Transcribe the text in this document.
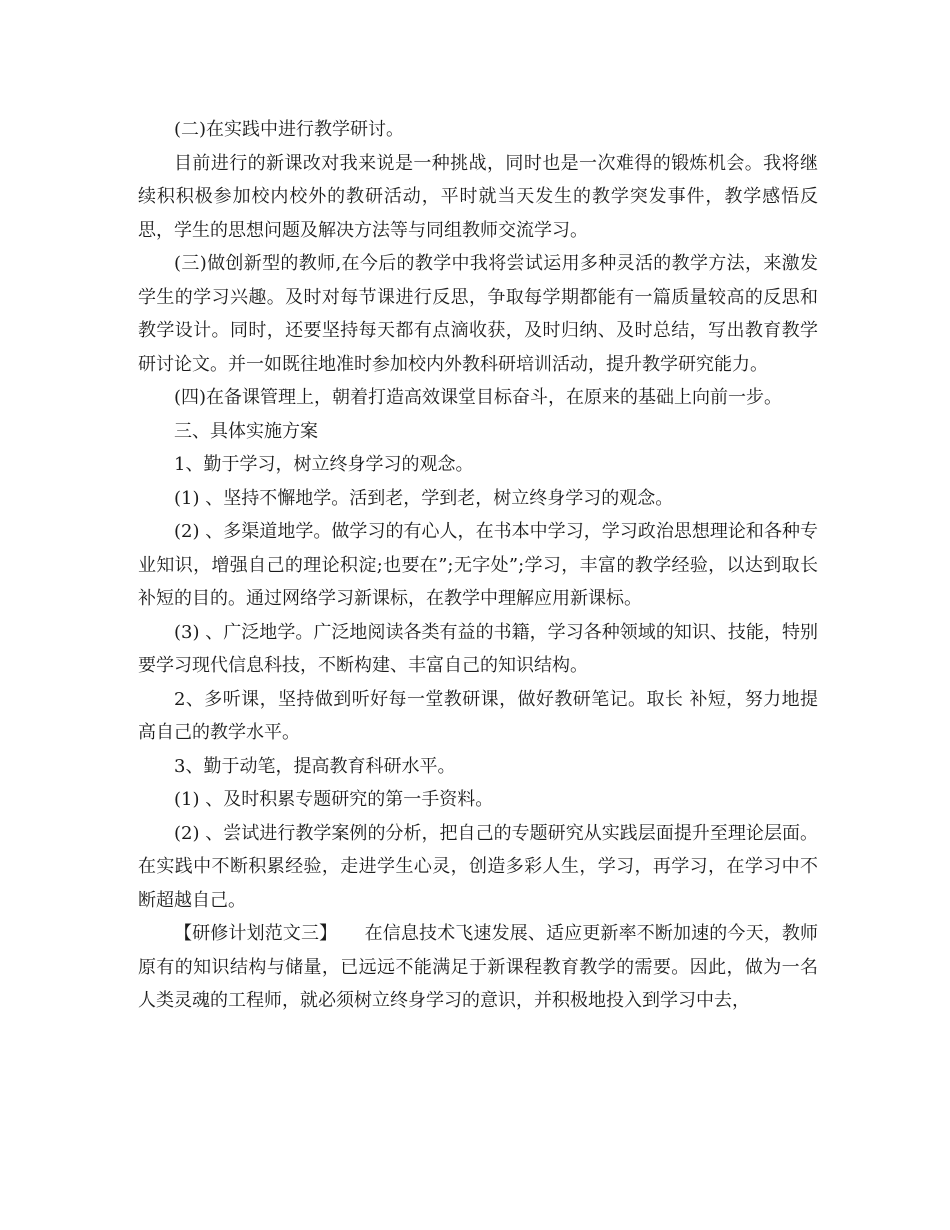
(二)在实践中进行教学研讨。

目前进行的新课改对我来说是一种挑战，同时也是一次难得的锻炼机会。我将继续积积极参加校内校外的教研活动，平时就当天发生的教学突发事件，教学感悟反思，学生的思想问题及解决方法等与同组教师交流学习。

(三)做创新型的教师,在今后的教学中我将尝试运用多种灵活的教学方法，来激发学生的学习兴趣。及时对每节课进行反思，争取每学期都能有一篇质量较高的反思和教学设计。同时，还要坚持每天都有点滴收获，及时归纳、及时总结，写出教育教学研讨论文。并一如既往地准时参加校内外教科研培训活动，提升教学研究能力。

(四)在备课管理上，朝着打造高效课堂目标奋斗，在原来的基础上向前一步。

三、具体实施方案

1、勤于学习，树立终身学习的观念。

(1) 、坚持不懈地学。活到老，学到老，树立终身学习的观念。

(2) 、多渠道地学。做学习的有心人，在书本中学习，学习政治思想理论和各种专业知识，增强自己的理论积淀;也要在”;无字处”;学习，丰富的教学经验，以达到取长补短的目的。通过网络学习新课标，在教学中理解应用新课标。

(3) 、广泛地学。广泛地阅读各类有益的书籍，学习各种领域的知识、技能，特别要学习现代信息科技，不断构建、丰富自己的知识结构。

2、多听课，坚持做到听好每一堂教研课，做好教研笔记。取长 补短，努力地提高自己的教学水平。

3、勤于动笔，提高教育科研水平。

(1) 、及时积累专题研究的第一手资料。

(2) 、尝试进行教学案例的分析，把自己的专题研究从实践层面提升至理论层面。在实践中不断积累经验，走进学生心灵，创造多彩人生，学习，再学习，在学习中不断超越自己。

【研修计划范文三】　　在信息技术飞速发展、适应更新率不断加速的今天，教师原有的知识结构与储量，已远远不能满足于新课程教育教学的需要。因此，做为一名人类灵魂的工程师，就必须树立终身学习的意识，并积极地投入到学习中去，
